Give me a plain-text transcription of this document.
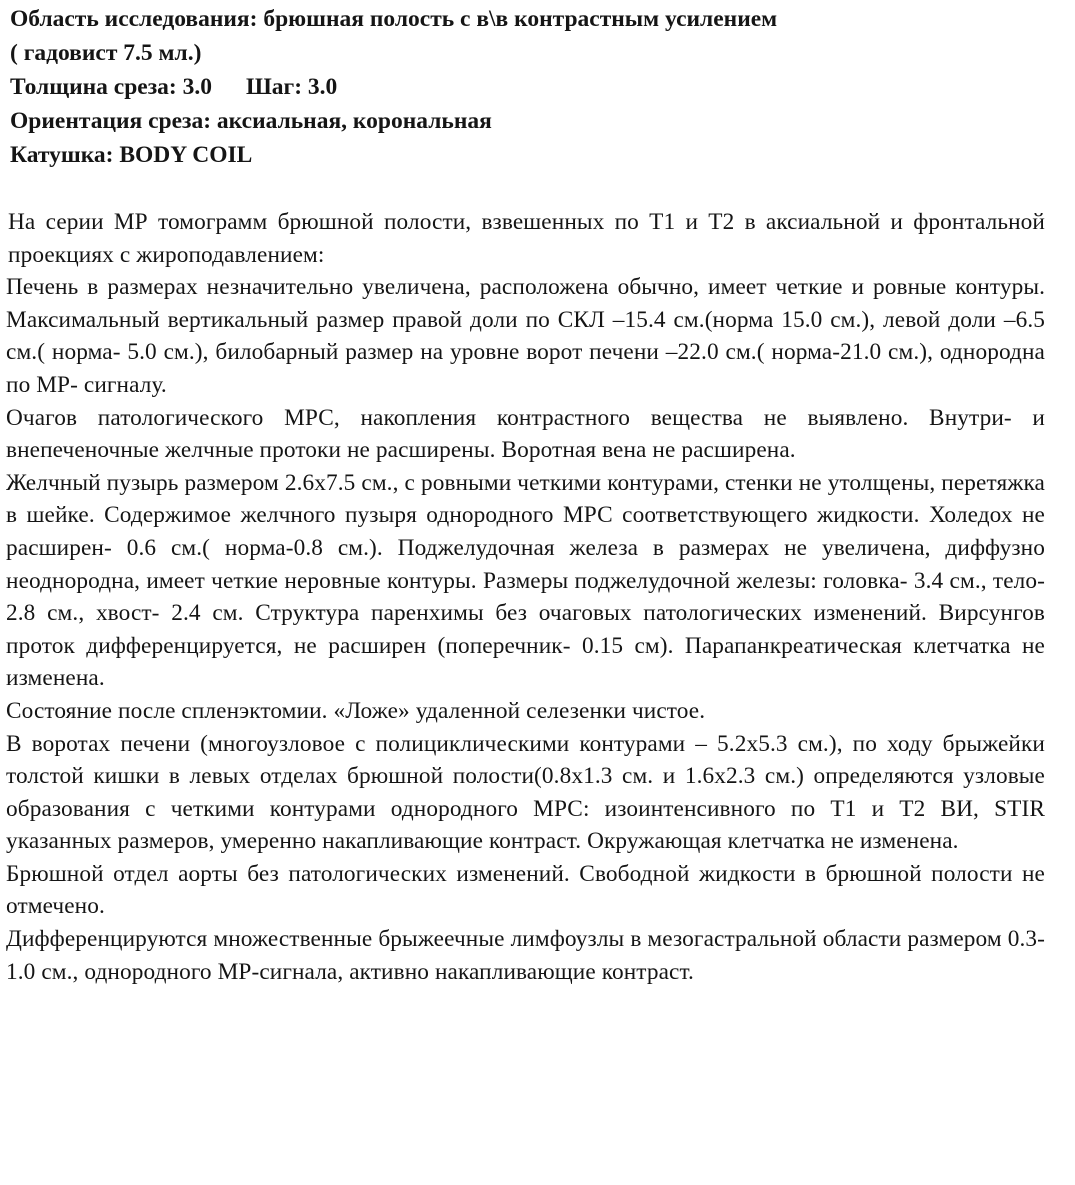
Область исследования: брюшная полость с в\в контрастным усилением
( гадовист 7.5 мл.)
Толщина среза: 3.0 Шаг: 3.0
Ориентация среза: аксиальная, корональная
Катушка: BODY COIL

На серии МР томограмм брюшной полости, взвешенных по Т1 и Т2 в аксиальной и фронтальной проекциях с жироподавлением:

Печень в размерах незначительно увеличена, расположена обычно, имеет четкие и ровные контуры. Максимальный вертикальный размер правой доли по СКЛ –15.4 см.(норма 15.0 см.), левой доли –6.5 см.( норма- 5.0 см.), билобарный размер на уровне ворот печени –22.0 см.( норма-21.0 см.), однородна по МР- сигналу.

Очагов патологического МРС, накопления контрастного вещества не выявлено. Внутри- и внепеченочные желчные протоки не расширены. Воротная вена не расширена.

Желчный пузырь размером 2.6х7.5 см., с ровными четкими контурами, стенки не утолщены, перетяжка в шейке. Содержимое желчного пузыря однородного МРС соответствующего жидкости. Холедох не расширен- 0.6 см.( норма-0.8 см.). Поджелудочная железа в размерах не увеличена, диффузно неоднородна, имеет четкие неровные контуры. Размеры поджелудочной железы: головка- 3.4 см., тело- 2.8 см., хвост- 2.4 см. Структура паренхимы без очаговых патологических изменений. Вирсунгов проток дифференцируется, не расширен (поперечник- 0.15 см). Парапанкреатическая клетчатка не изменена.

Состояние после спленэктомии. «Ложе» удаленной селезенки чистое.

В воротах печени (многоузловое с полициклическими контурами – 5.2х5.3 см.), по ходу брыжейки толстой кишки в левых отделах брюшной полости(0.8х1.3 см. и 1.6х2.3 см.) определяются узловые образования с четкими контурами однородного МРС: изоинтенсивного по Т1 и Т2 ВИ, STIR указанных размеров, умеренно накапливающие контраст. Окружающая клетчатка не изменена.

Брюшной отдел аорты без патологических изменений. Свободной жидкости в брюшной полости не отмечено.

Дифференцируются множественные брыжеечные лимфоузлы в мезогастральной области размером 0.3-1.0 см., однородного МР-сигнала, активно накапливающие контраст.
